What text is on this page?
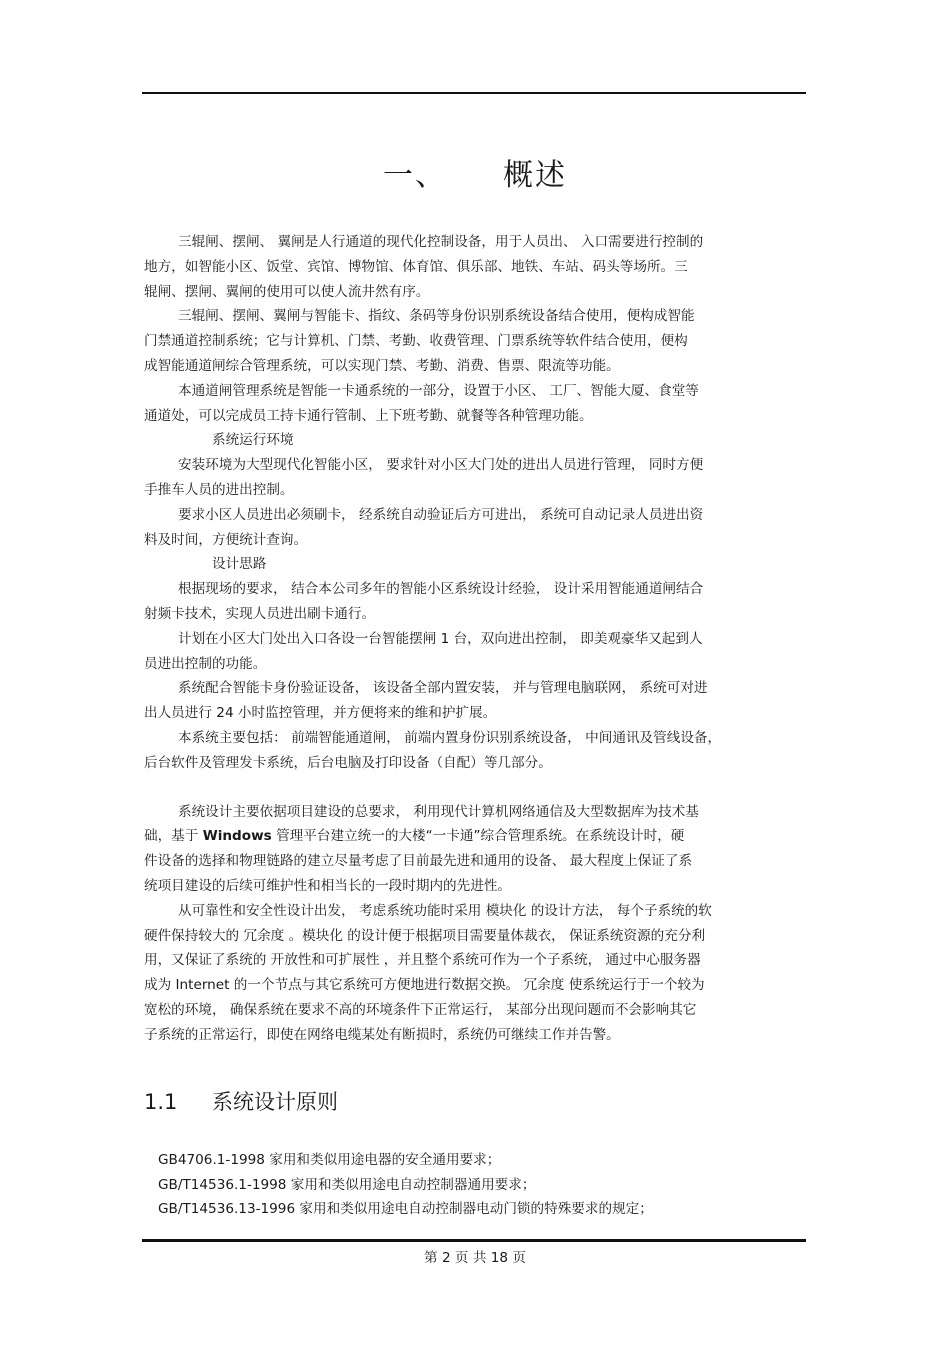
一、 概述
三辊闸、摆闸、 翼闸是人行通道的现代化控制设备，用于人员出、 入口需要进行控制的
地方，如智能小区、饭堂、宾馆、博物馆、体育馆、俱乐部、地铁、车站、码头等场所。三
辊闸、摆闸、翼闸的使用可以使人流井然有序。
三辊闸、摆闸、翼闸与智能卡、指纹、条码等身份识别系统设备结合使用，便构成智能
门禁通道控制系统；它与计算机、门禁、考勤、收费管理、门票系统等软件结合使用，便构
成智能通道闸综合管理系统，可以实现门禁、考勤、消费、售票、限流等功能。
本通道闸管理系统是智能一卡通系统的一部分，设置于小区、 工厂、智能大厦、食堂等
通道处，可以完成员工持卡通行管制、上下班考勤、就餐等各种管理功能。
系统运行环境
安装环境为大型现代化智能小区， 要求针对小区大门处的进出人员进行管理， 同时方便
手推车人员的进出控制。
要求小区人员进出必须刷卡， 经系统自动验证后方可进出， 系统可自动记录人员进出资
料及时间，方便统计查询。
设计思路
根据现场的要求， 结合本公司多年的智能小区系统设计经验， 设计采用智能通道闸结合
射频卡技术，实现人员进出刷卡通行。
计划在小区大门处出入口各设一台智能摆闸 1 台，双向进出控制， 即美观豪华又起到人
员进出控制的功能。
系统配合智能卡身份验证设备， 该设备全部内置安装， 并与管理电脑联网， 系统可对进
出人员进行 24 小时监控管理，并方便将来的维和护扩展。
本系统主要包括： 前端智能通道闸， 前端内置身份识别系统设备， 中间通讯及管线设备，
后台软件及管理发卡系统，后台电脑及打印设备（自配）等几部分。
系统设计主要依据项目建设的总要求， 利用现代计算机网络通信及大型数据库为技术基
础，基于 Windows 管理平台建立统一的大楼“一卡通”综合管理系统。在系统设计时，硬
件设备的选择和物理链路的建立尽量考虑了目前最先进和通用的设备、 最大程度上保证了系
统项目建设的后续可维护性和相当长的一段时期内的先进性。
从可靠性和安全性设计出发， 考虑系统功能时采用 模块化 的设计方法， 每个子系统的软
硬件保持较大的 冗余度 。模块化 的设计便于根据项目需要量体裁衣， 保证系统资源的充分利
用，又保证了系统的 开放性和可扩展性 ，并且整个系统可作为一个子系统， 通过中心服务器
成为 Internet 的一个节点与其它系统可方便地进行数据交换。 冗余度 使系统运行于一个较为
宽松的环境， 确保系统在要求不高的环境条件下正常运行， 某部分出现问题而不会影响其它
子系统的正常运行，即使在网络电缆某处有断损时，系统仍可继续工作并告警。
1.1 系统设计原则
GB4706.1-1998 家用和类似用途电器的安全通用要求；
GB/T14536.1-1998 家用和类似用途电自动控制器通用要求；
GB/T14536.13-1996 家用和类似用途电自动控制器电动门锁的特殊要求的规定；
第 2 页 共 18 页
